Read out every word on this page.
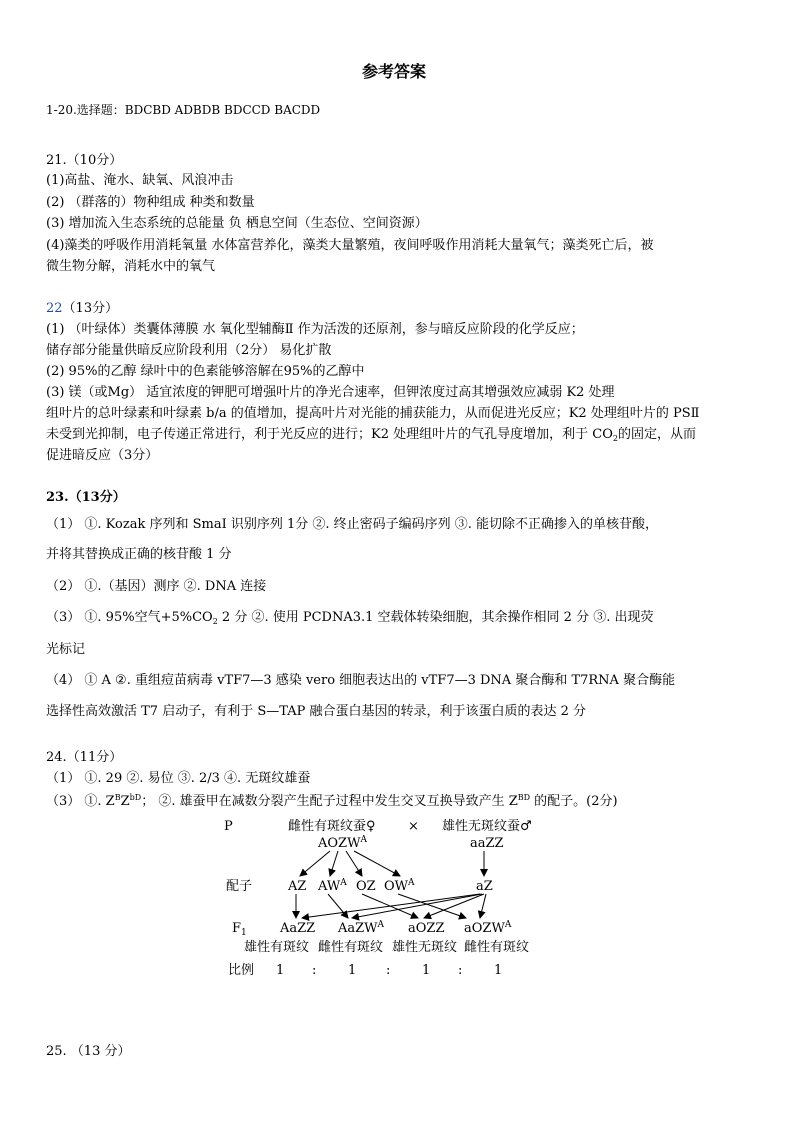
参考答案
1-20.选择题：BDCBD ADBDB BDCCD BACDD
21.（10分）
(1)高盐、淹水、缺氧、风浪冲击
(2) （群落的）物种组成 种类和数量
(3) 增加流入生态系统的总能量 负 栖息空间（生态位、空间资源）
(4)藻类的呼吸作用消耗氧量 水体富营养化，藻类大量繁殖，夜间呼吸作用消耗大量氧气；藻类死亡后，被
微生物分解，消耗水中的氧气
22（13分）
(1) （叶绿体）类囊体薄膜 水 氧化型辅酶Ⅱ 作为活泼的还原剂，参与暗反应阶段的化学反应；
储存部分能量供暗反应阶段利用（2分） 易化扩散
(2) 95%的乙醇 绿叶中的色素能够溶解在95%的乙醇中
(3) 镁（或Mg） 适宜浓度的钾肥可增强叶片的净光合速率，但钾浓度过高其增强效应减弱 K2 处理
组叶片的总叶绿素和叶绿素 b/a 的值增加，提高叶片对光能的捕获能力，从而促进光反应；K2 处理组叶片的 PSⅡ
未受到光抑制，电子传递正常进行，利于光反应的进行；K2 处理组叶片的气孔导度增加，利于 $CO_2$的固定，从而
促进暗反应（3分）
23.（13分）
（1） ①. Kozak 序列和 SmaI 识别序列 1分 ②. 终止密码子编码序列 ③. 能切除不正确掺入的单核苷酸，
并将其替换成正确的核苷酸 1 分
（2） ①.（基因）测序 ②. DNA 连接
（3） ①. 95%空气$+5\%CO_2$ 2 分 ②. 使用 PCDNA3.1 空载体转染细胞，其余操作相同 2 分 ③. 出现荧
光标记
（4） ① A ②. 重组痘苗病毒 vTF7—3 感染 vero 细胞表达出的 vTF7—3 DNA 聚合酶和 T7RNA 聚合酶能
选择性高效激活 T7 启动子，有利于 S—TAP 融合蛋白基因的转录，利于该蛋白质的表达 2 分
24.（11分）
（1） ①. 29 ②. 易位 ③. 2/3 ④. 无斑纹雄蚕
（3） ①. $Z^BZ^{bD}$； ②. 雄蚕甲在减数分裂产生配子过程中发生交叉互换导致产生 $Z^{BD}$ 的配子。(2分)
P	雌性有斑纹蚕♀ × 雄性无斑纹蚕♂
$AOZW^A$	aaZZ
配子	AZ $AW^A$ OZ $OW^A$	aZ
$F_1$	AaZZ AaZW$^A$ aOZZ aOZW$^A$
雄性有斑纹 雌性有斑纹 雄性无斑纹 雌性有斑纹
比例 1 : 1 : 1 : 1
25. （13 分）
